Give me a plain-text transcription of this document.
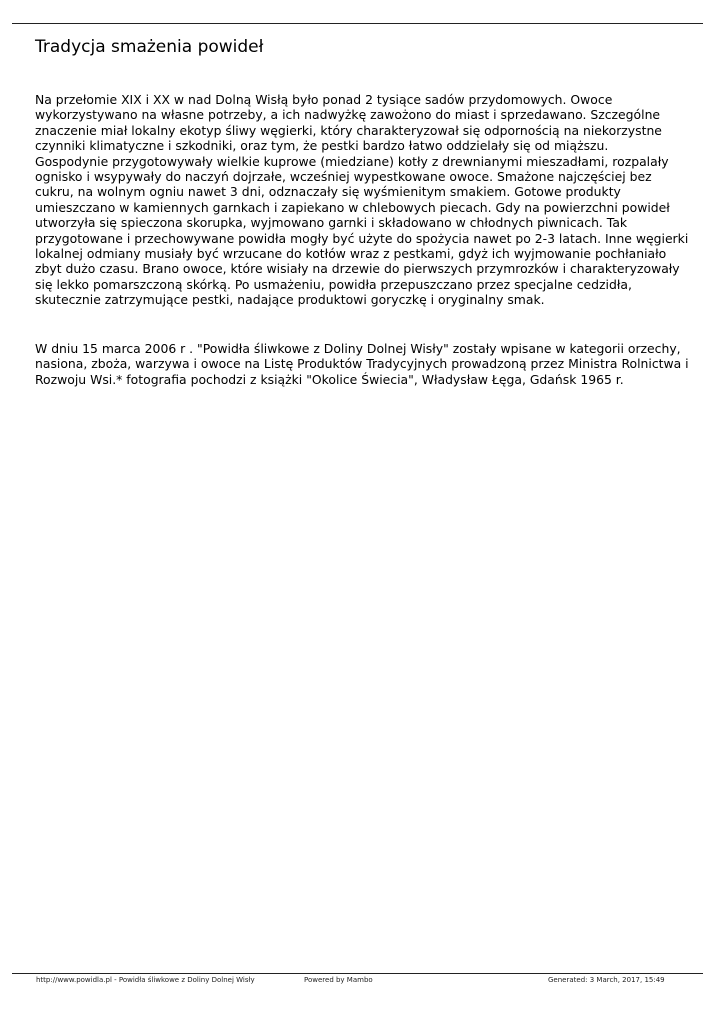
Tradycja smażenia powideł
Na przełomie XIX i XX w nad Dolną Wisłą było ponad 2 tysiące sadów przydomowych. Owoce
wykorzystywano na własne potrzeby, a ich nadwyżkę zawożono do miast i sprzedawano. Szczególne
znaczenie miał lokalny ekotyp śliwy węgierki, który charakteryzował się odpornością na niekorzystne
czynniki klimatyczne i szkodniki, oraz tym, że pestki bardzo łatwo oddzielały się od miąższu.
Gospodynie przygotowywały wielkie kuprowe (miedziane) kotły z drewnianymi mieszadłami, rozpalały
ognisko i wsypywały do naczyń dojrzałe, wcześniej wypestkowane owoce. Smażone najczęściej bez
cukru, na wolnym ogniu nawet 3 dni, odznaczały się wyśmienitym smakiem. Gotowe produkty
umieszczano w kamiennych garnkach i zapiekano w chlebowych piecach. Gdy na powierzchni powideł
utworzyła się spieczona skorupka, wyjmowano garnki i składowano w chłodnych piwnicach. Tak
przygotowane i przechowywane powidła mogły być użyte do spożycia nawet po 2-3 latach. Inne węgierki
lokalnej odmiany musiały być wrzucane do kotłów wraz z pestkami, gdyż ich wyjmowanie pochłaniało
zbyt dużo czasu. Brano owoce, które wisiały na drzewie do pierwszych przymrozków i charakteryzowały
się lekko pomarszczoną skórką. Po usmażeniu, powidła przepuszczano przez specjalne cedzidła,
skutecznie zatrzymujące pestki, nadające produktowi goryczkę i oryginalny smak.
W dniu 15 marca 2006 r . "Powidła śliwkowe z Doliny Dolnej Wisły" zostały wpisane w kategorii orzechy,
nasiona, zboża, warzywa i owoce na Listę Produktów Tradycyjnych prowadzoną przez Ministra Rolnictwa i
Rozwoju Wsi.* fotografia pochodzi z książki "Okolice Świecia", Władysław Łęga, Gdańsk 1965 r.
http://www.powidla.pl - Powidła śliwkowe z Doliny Dolnej Wisły	Powered by Mambo	Generated: 3 March, 2017, 15:49
